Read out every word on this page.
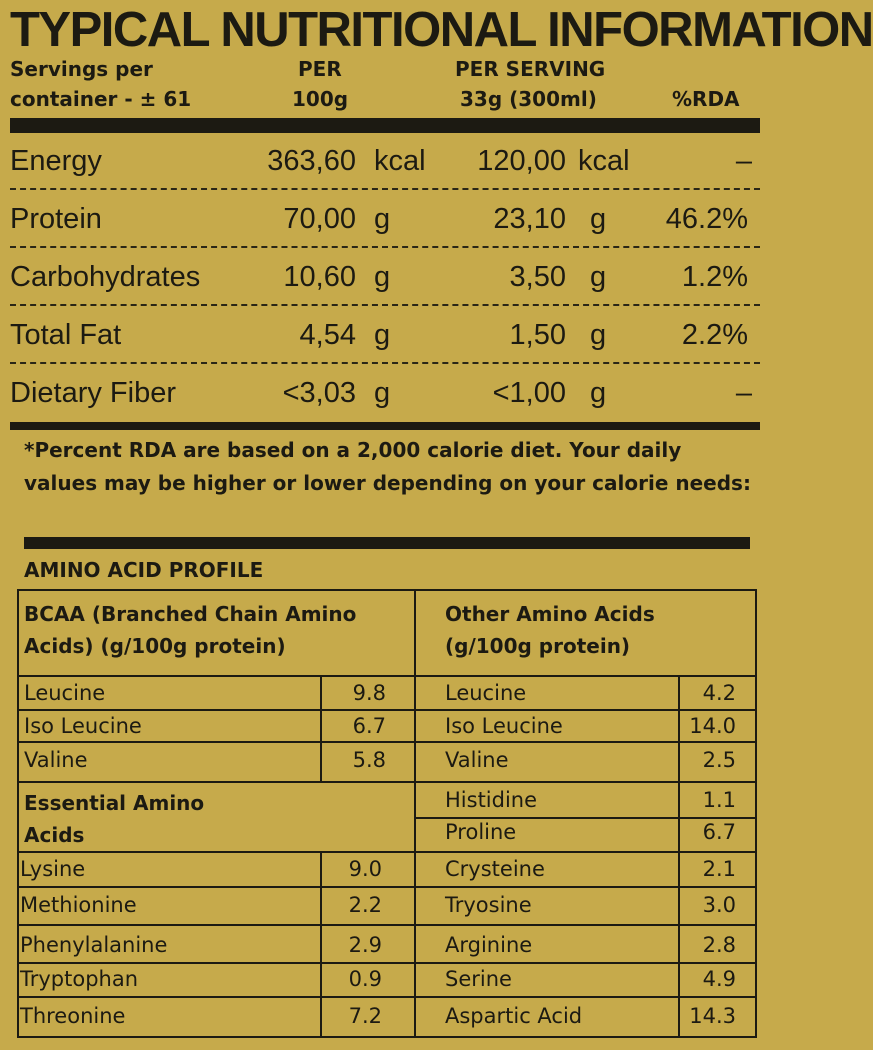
TYPICAL NUTRITIONAL INFORMATION
Servings per
container - ± 61
PER
100g
PER SERVING
33g (300ml)	%RDA
Energy	363,60 kcal 120,00 kcal	–
Protein	70,00 g	23,10 g 46.2%
Carbohydrates	10,60 g	3,50 g	1.2%
Total Fat	4,54 g	1,50 g	2.2%
Dietary Fiber	<3,03 g	<1,00 g	–
*Percent RDA are based on a 2,000 calorie diet. Your daily values may be higher or lower depending on your calorie needs:
AMINO ACID PROFILE
BCAA (Branched Chain Amino
Acids) (g/100g protein)
Other Amino Acids
(g/100g protein)
Essential Amino
Acids
Leucine	9.8
Iso Leucine	6.7
Valine	5.8
Lysine	9.0
Methionine	2.2
Phenylalanine	2.9
Tryptophan	0.9
Threonine	7.2
Leucine	4.2
Iso Leucine	14.0
Valine	2.5
Histidine	1.1
Proline	6.7
Crysteine	2.1
Tryosine	3.0
Arginine	2.8
Serine	4.9
Aspartic Acid	14.3
